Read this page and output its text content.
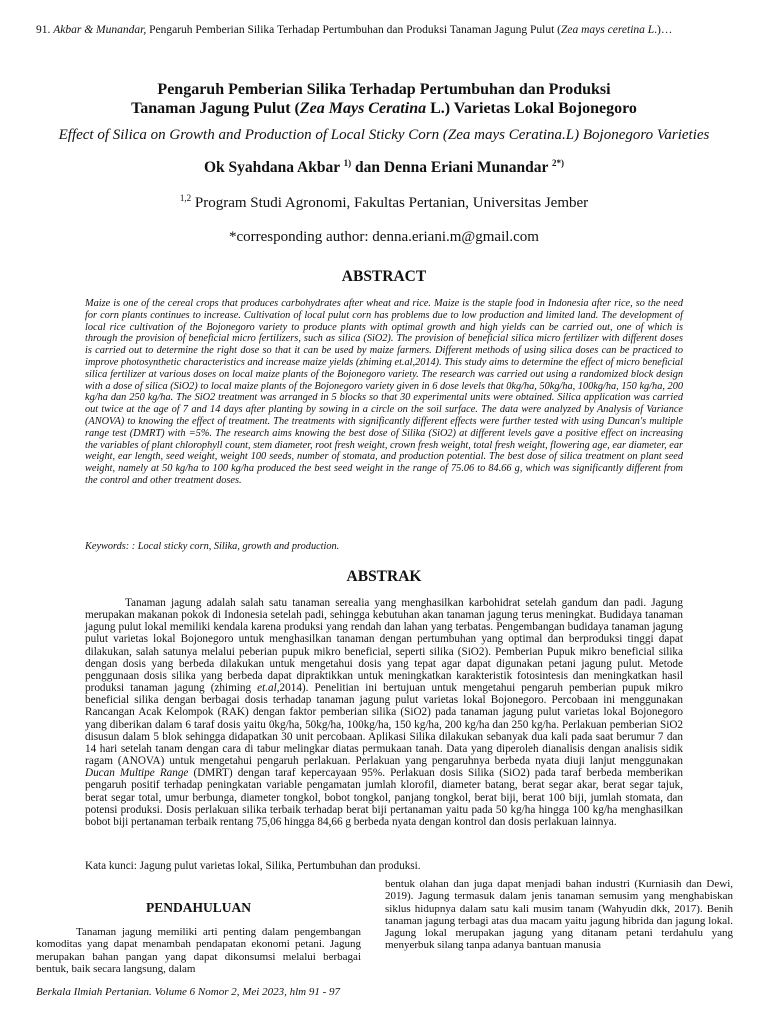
91. Akbar & Munandar, Pengaruh Pemberian Silika Terhadap Pertumbuhan dan Produksi Tanaman Jagung Pulut (Zea mays ceretina L.)…
Pengaruh Pemberian Silika Terhadap Pertumbuhan dan Produksi
Tanaman Jagung Pulut (Zea Mays Ceratina L.) Varietas Lokal Bojonegoro
Effect of Silica on Growth and Production of Local Sticky Corn (Zea mays Ceratina.L) Bojonegoro Varieties
Ok Syahdana Akbar $^{1)}$ dan Denna Eriani Munandar $^{2*)}$
$^{1,2}$ Program Studi Agronomi, Fakultas Pertanian, Universitas Jember
*corresponding author: denna.eriani.m@gmail.com
ABSTRACT
Maize is one of the cereal crops that produces carbohydrates after wheat and rice. Maize is the staple food in Indonesia after rice, so the need for corn plants continues to increase. Cultivation of local pulut corn has problems due to low production and limited land. The development of local rice cultivation of the Bojonegoro variety to produce plants with optimal growth and high yields can be carried out, one of which is through the provision of beneficial micro fertilizers, such as silica (SiO2). The provision of beneficial silica micro fertilizer with different doses is carried out to determine the right dose so that it can be used by maize farmers. Different methods of using silica doses can be practiced to improve photosynthetic characteristics and increase maize yields (zhiming et.al,2014). This study aims to determine the effect of micro beneficial silica fertilizer at various doses on local maize plants of the Bojonegoro variety. The research was carried out using a randomized block design with a dose of silica (SiO2) to local maize plants of the Bojonegoro variety given in 6 dose levels that 0kg/ha, 50kg/ha, 100kg/ha, 150 kg/ha, 200 kg/ha dan 250 kg/ha. The SiO2 treatment was arranged in 5 blocks so that 30 experimental units were obtained. Silica application was carried out twice at the age of 7 and 14 days after planting by sowing in a circle on the soil surface. The data were analyzed by Analysis of Variance (ANOVA) to knowing the effect of treatment. The treatments with significantly different effects were further tested with using Duncan's multiple range test (DMRT) with =5%. The research aims knowing the best dose of Silika (SiO2) at different levels gave a positive effect on increasing the variables of plant chlorophyll count, stem diameter, root fresh weight, crown fresh weight, total fresh weight, flowering age, ear diameter, ear weight, ear length, seed weight, weight 100 seeds, number of stomata, and production potential. The best dose of silica treatment on plant seed weight, namely at 50 kg/ha to 100 kg/ha produced the best seed weight in the range of 75.06 to 84.66 g, which was significantly different from the control and other treatment doses.
Keywords: : Local sticky corn, Silika, growth and production.
ABSTRAK
Tanaman jagung adalah salah satu tanaman serealia yang menghasilkan karbohidrat setelah gandum dan padi. Jagung merupakan makanan pokok di Indonesia setelah padi, sehingga kebutuhan akan tanaman jagung terus meningkat. Budidaya tanaman jagung pulut lokal memiliki kendala karena produksi yang rendah dan lahan yang terbatas. Pengembangan budidaya tanaman jagung pulut varietas lokal Bojonegoro untuk menghasilkan tanaman dengan pertumbuhan yang optimal dan berproduksi tinggi dapat dilakukan, salah satunya melalui peberian pupuk mikro beneficial, seperti silika (SiO2). Pemberian Pupuk mikro beneficial silika dengan dosis yang berbeda dilakukan untuk mengetahui dosis yang tepat agar dapat digunakan petani jagung pulut. Metode penggunaan dosis silika yang berbeda dapat dipraktikkan untuk meningkatkan karakteristik fotosintesis dan meningkatkan hasil produksi tanaman jagung (zhiming et.al,2014). Penelitian ini bertujuan untuk mengetahui pengaruh pemberian pupuk mikro beneficial silika dengan berbagai dosis terhadap tanaman jagung pulut varietas lokal Bojonegoro. Percobaan ini menggunakan Rancangan Acak Kelompok (RAK) dengan faktor pemberian silika (SiO2) pada tanaman jagung pulut varietas lokal Bojonegoro yang diberikan dalam 6 taraf dosis yaitu 0kg/ha, 50kg/ha, 100kg/ha, 150 kg/ha, 200 kg/ha dan 250 kg/ha. Perlakuan pemberian SiO2 disusun dalam 5 blok sehingga didapatkan 30 unit percobaan. Aplikasi Silika dilakukan sebanyak dua kali pada saat berumur 7 dan 14 hari setelah tanam dengan cara di tabur melingkar diatas permukaan tanah. Data yang diperoleh dianalisis dengan analisis sidik ragam (ANOVA) untuk mengetahui pengaruh perlakuan. Perlakuan yang pengaruhnya berbeda nyata diuji lanjut menggunakan Ducan Multipe Range (DMRT) dengan taraf kepercayaan 95%. Perlakuan dosis Silika (SiO2) pada taraf berbeda memberikan pengaruh positif terhadap peningkatan variable pengamatan jumlah klorofil, diameter batang, berat segar akar, berat segar tajuk, berat segar total, umur berbunga, diameter tongkol, bobot tongkol, panjang tongkol, berat biji, berat 100 biji, jumlah stomata, dan potensi produksi. Dosis perlakuan silika terbaik terhadap berat biji pertanaman yaitu pada 50 kg/ha hingga 100 kg/ha menghasilkan bobot biji pertanaman terbaik rentang 75,06 hingga 84,66 g berbeda nyata dengan kontrol dan dosis perlakuan lainnya.
Kata kunci: Jagung pulut varietas lokal, Silika, Pertumbuhan dan produksi.
PENDAHULUAN
Tanaman jagung memiliki arti penting dalam pengembangan komoditas yang dapat menambah pendapatan ekonomi petani. Jagung merupakan bahan pangan yang dapat dikonsumsi melalui berbagai bentuk, baik secara langsung, dalam
bentuk olahan dan juga dapat menjadi bahan industri (Kurniasih dan Dewi, 2019). Jagung termasuk dalam jenis tanaman semusim yang menghabiskan siklus hidupnya dalam satu kali musim tanam (Wahyudin dkk, 2017). Benih tanaman jagung terbagi atas dua macam yaitu jagung hibrida dan jagung lokal. Jagung lokal merupakan jagung yang ditanam petani terdahulu yang menyerbuk silang tanpa adanya bantuan manusia
Berkala Ilmiah Pertanian. Volume 6 Nomor 2, Mei 2023, hlm 91 - 97
